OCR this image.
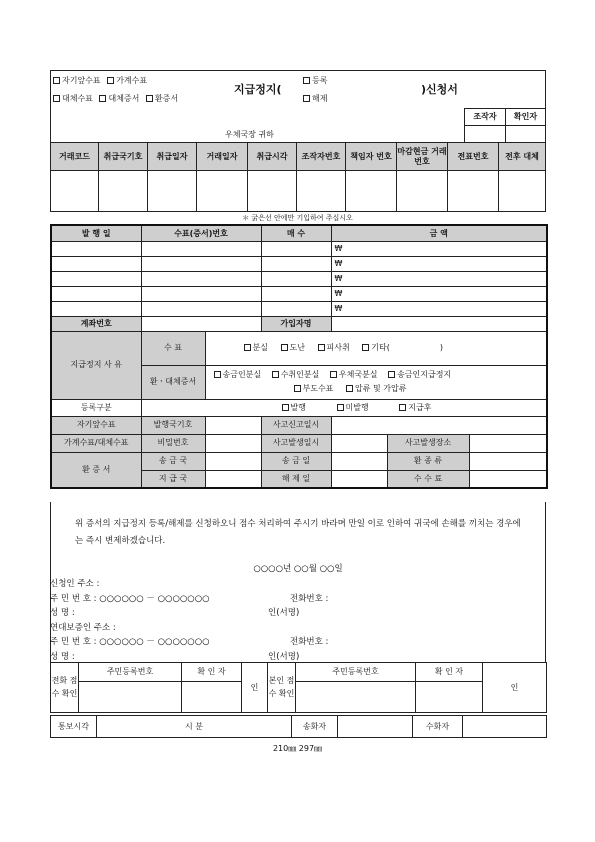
자기앞수표 가계수표
대체수표 대체증서 환증서
지급정지(
등록
해제
)신청서
조작자	확인자

우체국장 귀하
거래코드	취급국기호	취급일자	거래일자	취급시각	조작자번호	책임자 번호	마감현금 거래번호	전표번호	전후 대체

＊ 굵은선 안에만 기입하여 주십시오
발 행 일	수표(증서)번호		매 수	금 액		
				₩		
				₩		
				₩		
				₩		
				₩		
계좌번호			가입자명			
지급정지 사 유	수 표	분실 도난 피사취 기타( )				
	환ㆍ대체증서	송금인분실 수취인분실 우체국분실 송금인지급정지
부도수표 압류 및 가압류				

등록구분	발행 미발행 지급후					
자기앞수표	발행국기호		사고신고일시			
가계수표/대체수표	비밀번호		사고발생일시		사고발생장소	
환 증 서	송 금 국		송 금 일		환 종 류	
	지 급 국		해 제 일		수 수 료	
위 증서의 지급정지 등록/해제를 신청하오니 점수 처리하여 주시기 바라며 만일 이로 인하여 귀국에 손해를 끼치는 경우에는 즉시 변제하겠습니다.
○○○○년 ○○월 ○○일
신청인 주소 :
주 민 번 호 : ○○○○○○ － ○○○○○○○	전화번호 :
성 명 :	인(서명)
연대보증인 주소 :
주 민 번 호 : ○○○○○○ － ○○○○○○○	전화번호 :
성 명 :	인(서명)
전화 점수 확인	주민등록번호	확 인 자	인	본인 점수 확인	주민등록번호	확 인 자	인

통보시각	시 분	송화자		수화자	
210㎜ 297㎜
